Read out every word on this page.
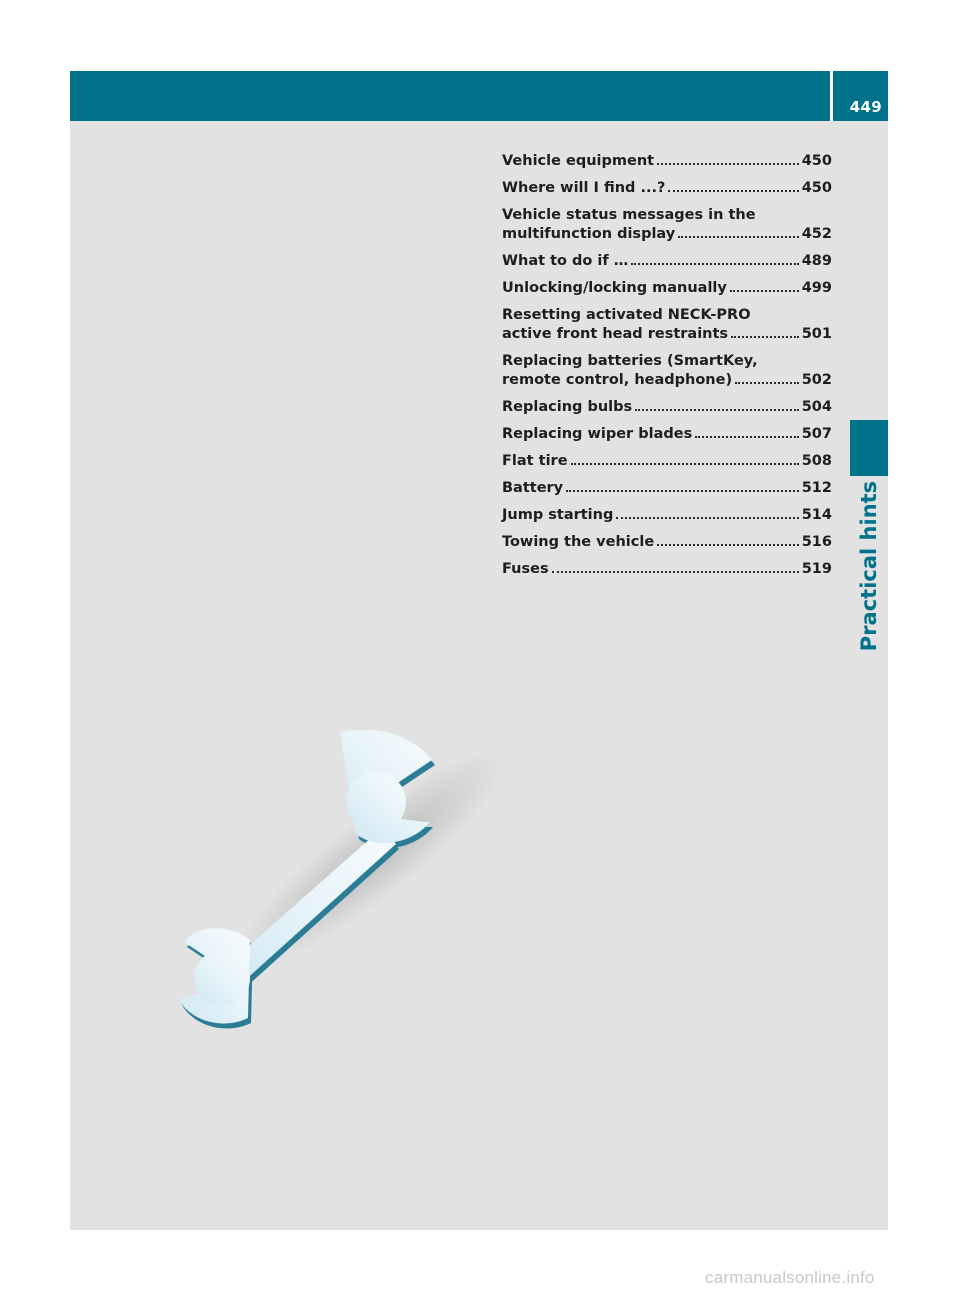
449
Practical hints
Vehicle equipment	450
Where will I find ...?	450
Vehicle status messages in the
multifunction display	452
What to do if …	489
Unlocking/locking manually	499
Resetting activated NECK-PRO
active front head restraints	501
Replacing batteries (SmartKey,
remote control, headphone)	502
Replacing bulbs	504
Replacing wiper blades	507
Flat tire	508
Battery	512
Jump starting	514
Towing the vehicle	516
Fuses	519
carmanualsonline.info
